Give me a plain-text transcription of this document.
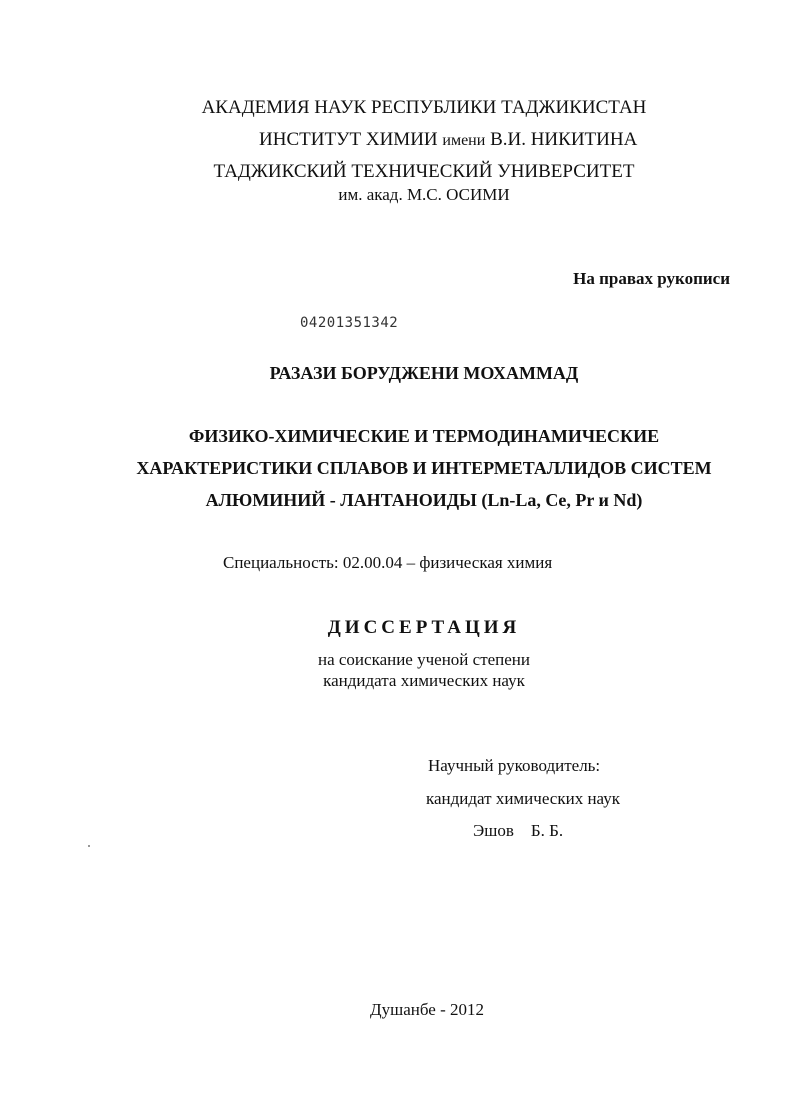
АКАДЕМИЯ НАУК РЕСПУБЛИКИ ТАДЖИКИСТАН
ИНСТИТУТ ХИМИИ имени В.И. НИКИТИНА
ТАДЖИКСКИЙ ТЕХНИЧЕСКИЙ УНИВЕРСИТЕТ
им. акад. М.С. ОСИМИ
На правах рукописи
04201351342
РАЗАЗИ БОРУДЖЕНИ МОХАММАД
ФИЗИКО-ХИМИЧЕСКИЕ И ТЕРМОДИНАМИЧЕСКИЕ
ХАРАКТЕРИСТИКИ СПЛАВОВ И ИНТЕРМЕТАЛЛИДОВ СИСТЕМ
АЛЮМИНИЙ - ЛАНТАНОИДЫ (Ln-La, Ce, Pr и Nd)
Специальность: 02.00.04 – физическая химия
ДИССЕРТАЦИЯ
на соискание ученой степени
кандидата химических наук
Научный руководитель:
кандидат химических наук
Эшов    Б. Б.
Душанбе - 2012
